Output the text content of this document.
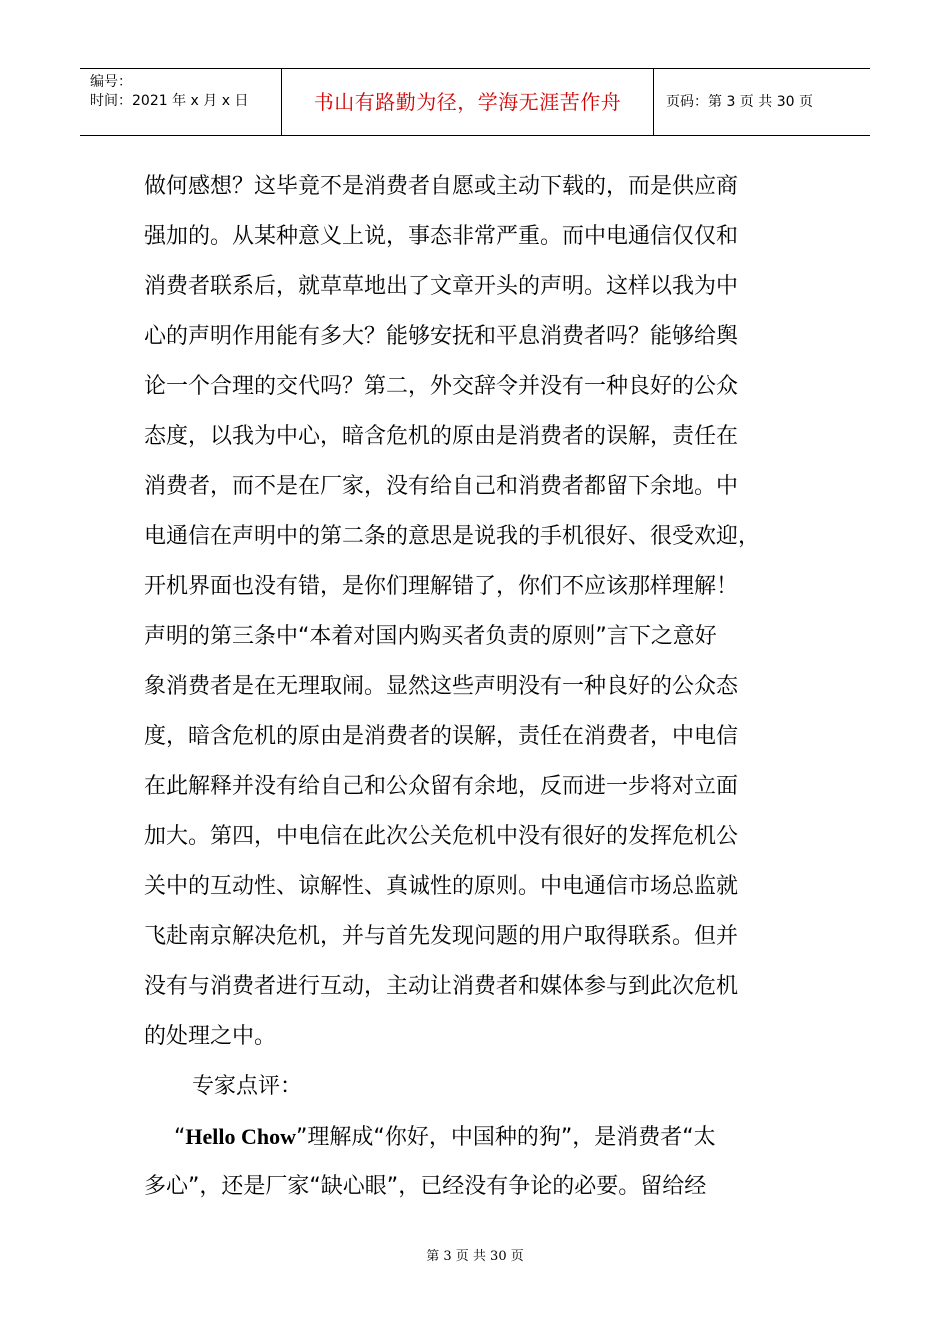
编号：
时间：2021 年 x 月 x 日	书山有路勤为径，学海无涯苦作舟	页码：第 3 页 共 30 页
做何感想？这毕竟不是消费者自愿或主动下载的，而是供应商
强加的。从某种意义上说，事态非常严重。而中电通信仅仅和
消费者联系后，就草草地出了文章开头的声明。这样以我为中
心的声明作用能有多大？能够安抚和平息消费者吗？能够给舆
论一个合理的交代吗？第二，外交辞令并没有一种良好的公众
态度，以我为中心，暗含危机的原由是消费者的误解，责任在
消费者，而不是在厂家，没有给自己和消费者都留下余地。中
电通信在声明中的第二条的意思是说我的手机很好、很受欢迎，
开机界面也没有错，是你们理解错了，你们不应该那样理解！
声明的第三条中“本着对国内购买者负责的原则”言下之意好
象消费者是在无理取闹。显然这些声明没有一种良好的公众态
度，暗含危机的原由是消费者的误解，责任在消费者，中电信
在此解释并没有给自己和公众留有余地，反而进一步将对立面
加大。第四，中电信在此次公关危机中没有很好的发挥危机公
关中的互动性、谅解性、真诚性的原则。中电通信市场总监就
飞赴南京解决危机，并与首先发现问题的用户取得联系。但并
没有与消费者进行互动，主动让消费者和媒体参与到此次危机
的处理之中。
专家点评：
“Hello Chow”理解成“你好，中国种的狗”，是消费者“太
多心”，还是厂家“缺心眼”，已经没有争论的必要。留给经
第 3 页 共 30 页
